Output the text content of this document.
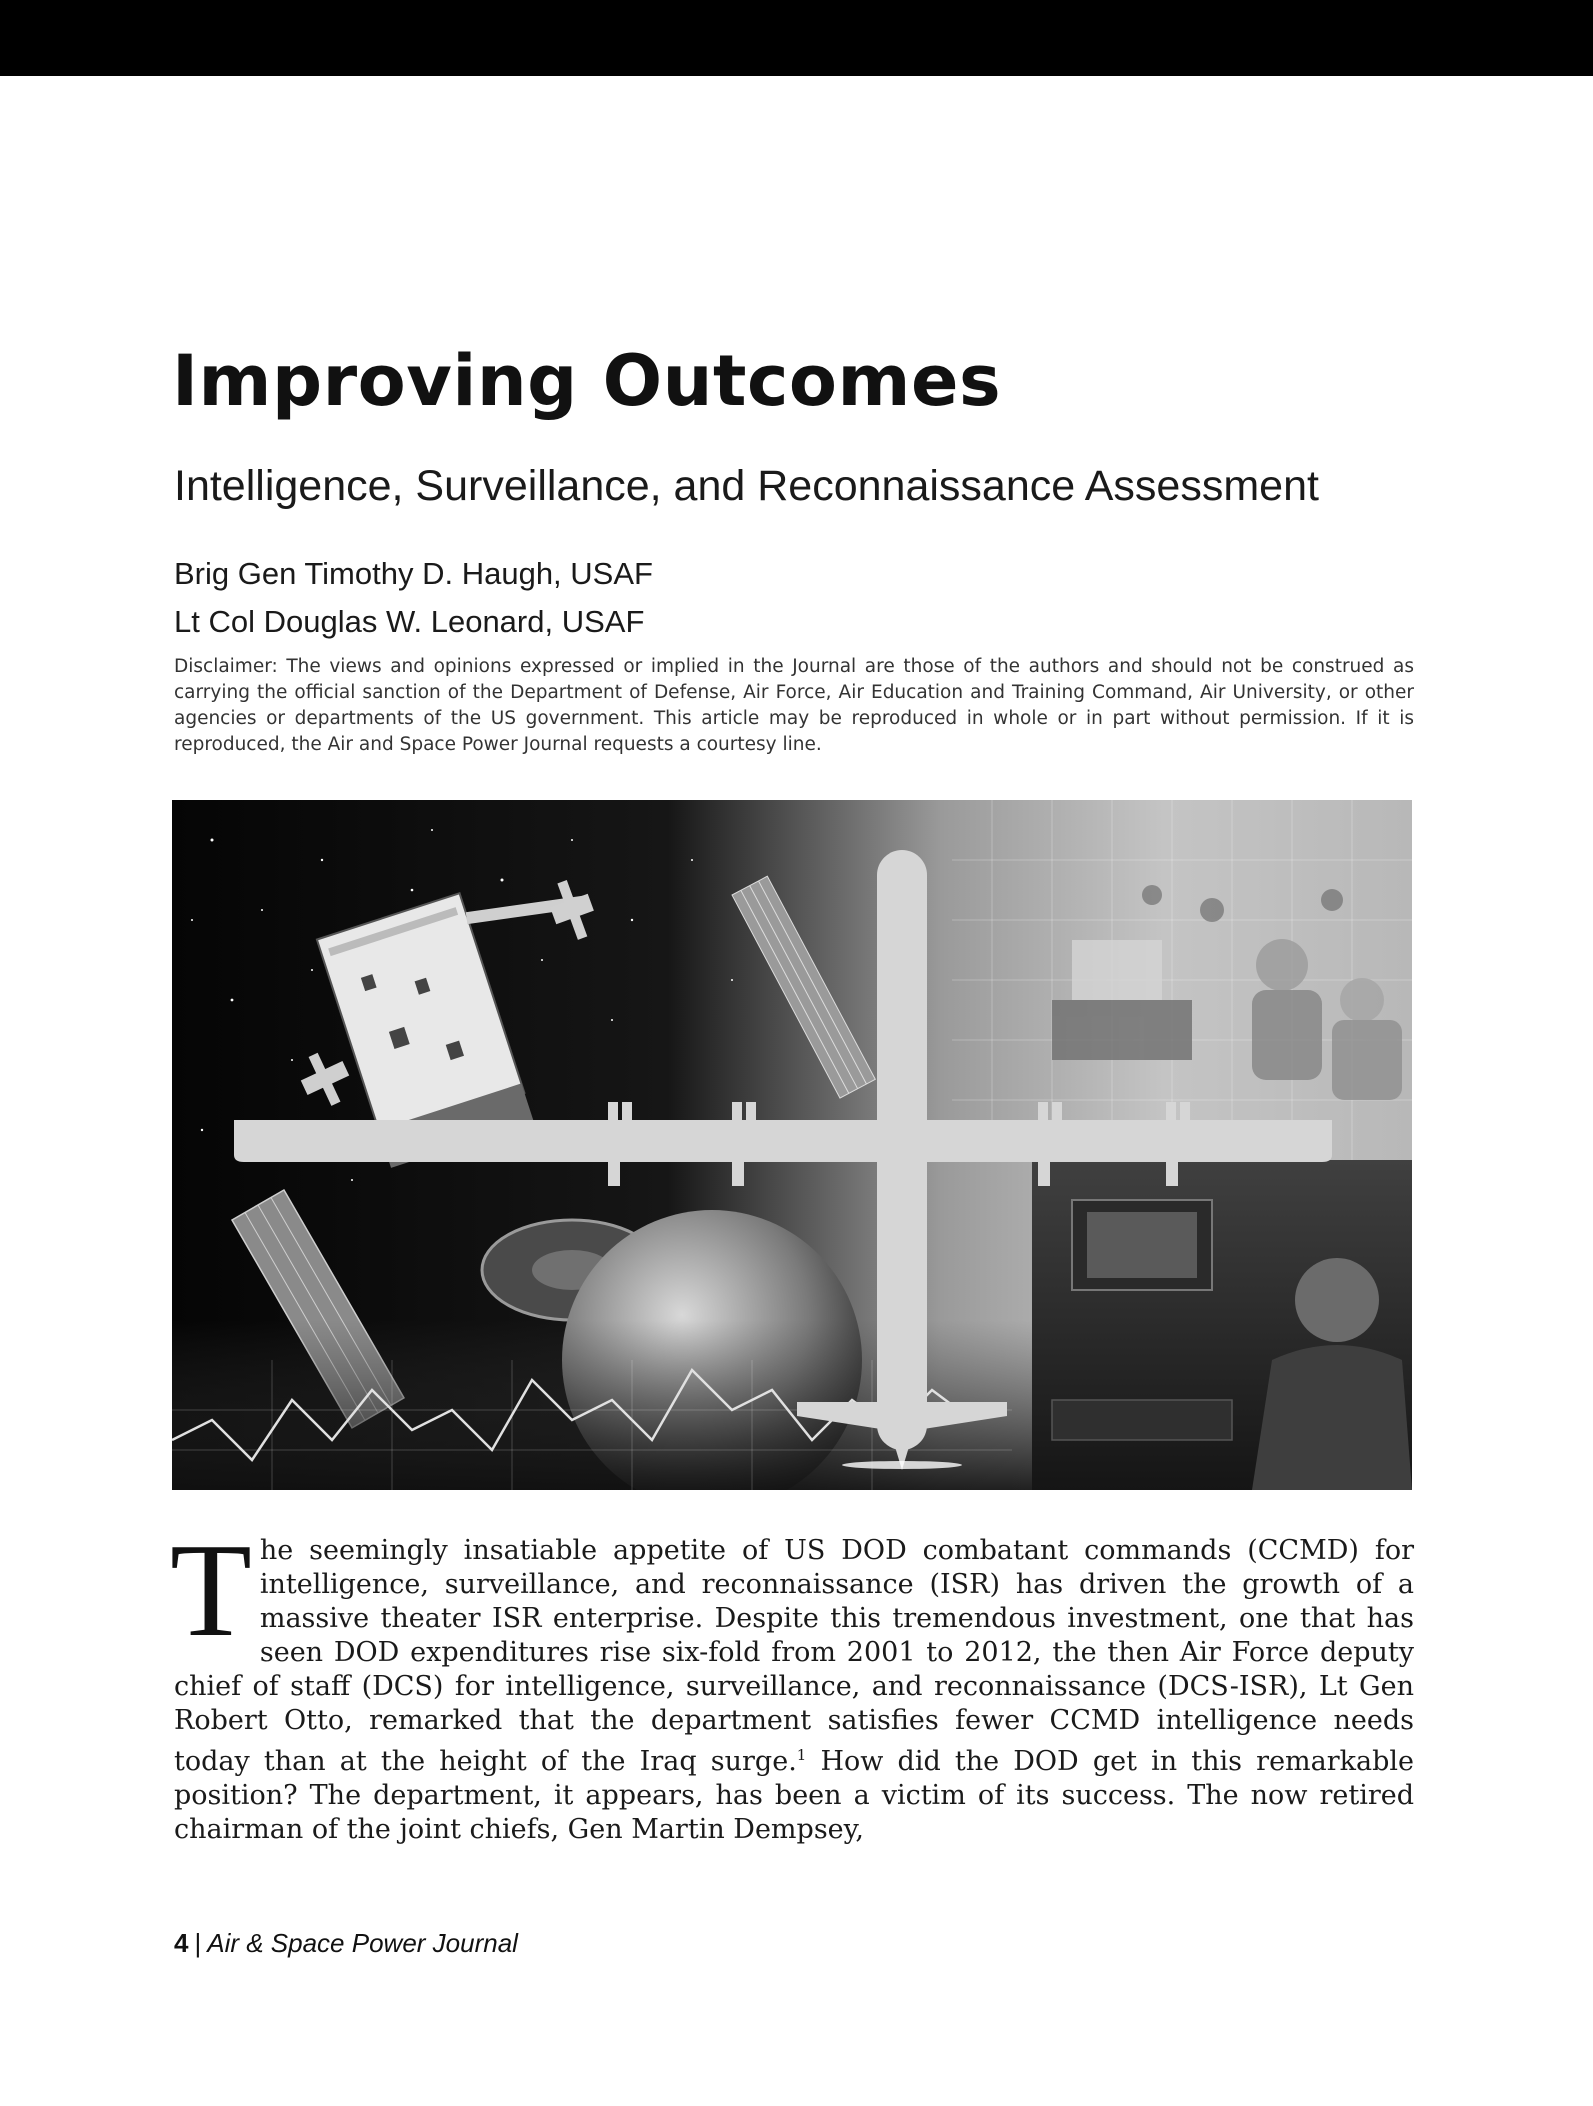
Improving Outcomes
Intelligence, Surveillance, and Reconnaissance Assessment
Brig Gen Timothy D. Haugh, USAF
Lt Col Douglas W. Leonard, USAF

Disclaimer: The views and opinions expressed or implied in the Journal are those of the authors and should not be construed as carrying the official sanction of the Department of Defense, Air Force, Air Education and Training Command, Air University, or other agencies or departments of the US government. This article may be reproduced in whole or in part without permission. If it is reproduced, the Air and Space Power Journal requests a courtesy line.

The seemingly insatiable appetite of US DOD combatant commands (CCMD) for intelligence, surveillance, and reconnaissance (ISR) has driven the growth of a massive theater ISR enterprise. Despite this tremendous investment, one that has seen DOD expenditures rise six-fold from 2001 to 2012, the then Air Force deputy chief of staff (DCS) for intelligence, surveillance, and reconnaissance (DCS-ISR), Lt Gen Robert Otto, remarked that the department satisfies fewer CCMD intelligence needs today than at the height of the Iraq surge.$^1$ How did the DOD get in this remarkable position? The department, it appears, has been a victim of its success. The now retired chairman of the joint chiefs, Gen Martin Dempsey,

4 | Air & Space Power Journal
